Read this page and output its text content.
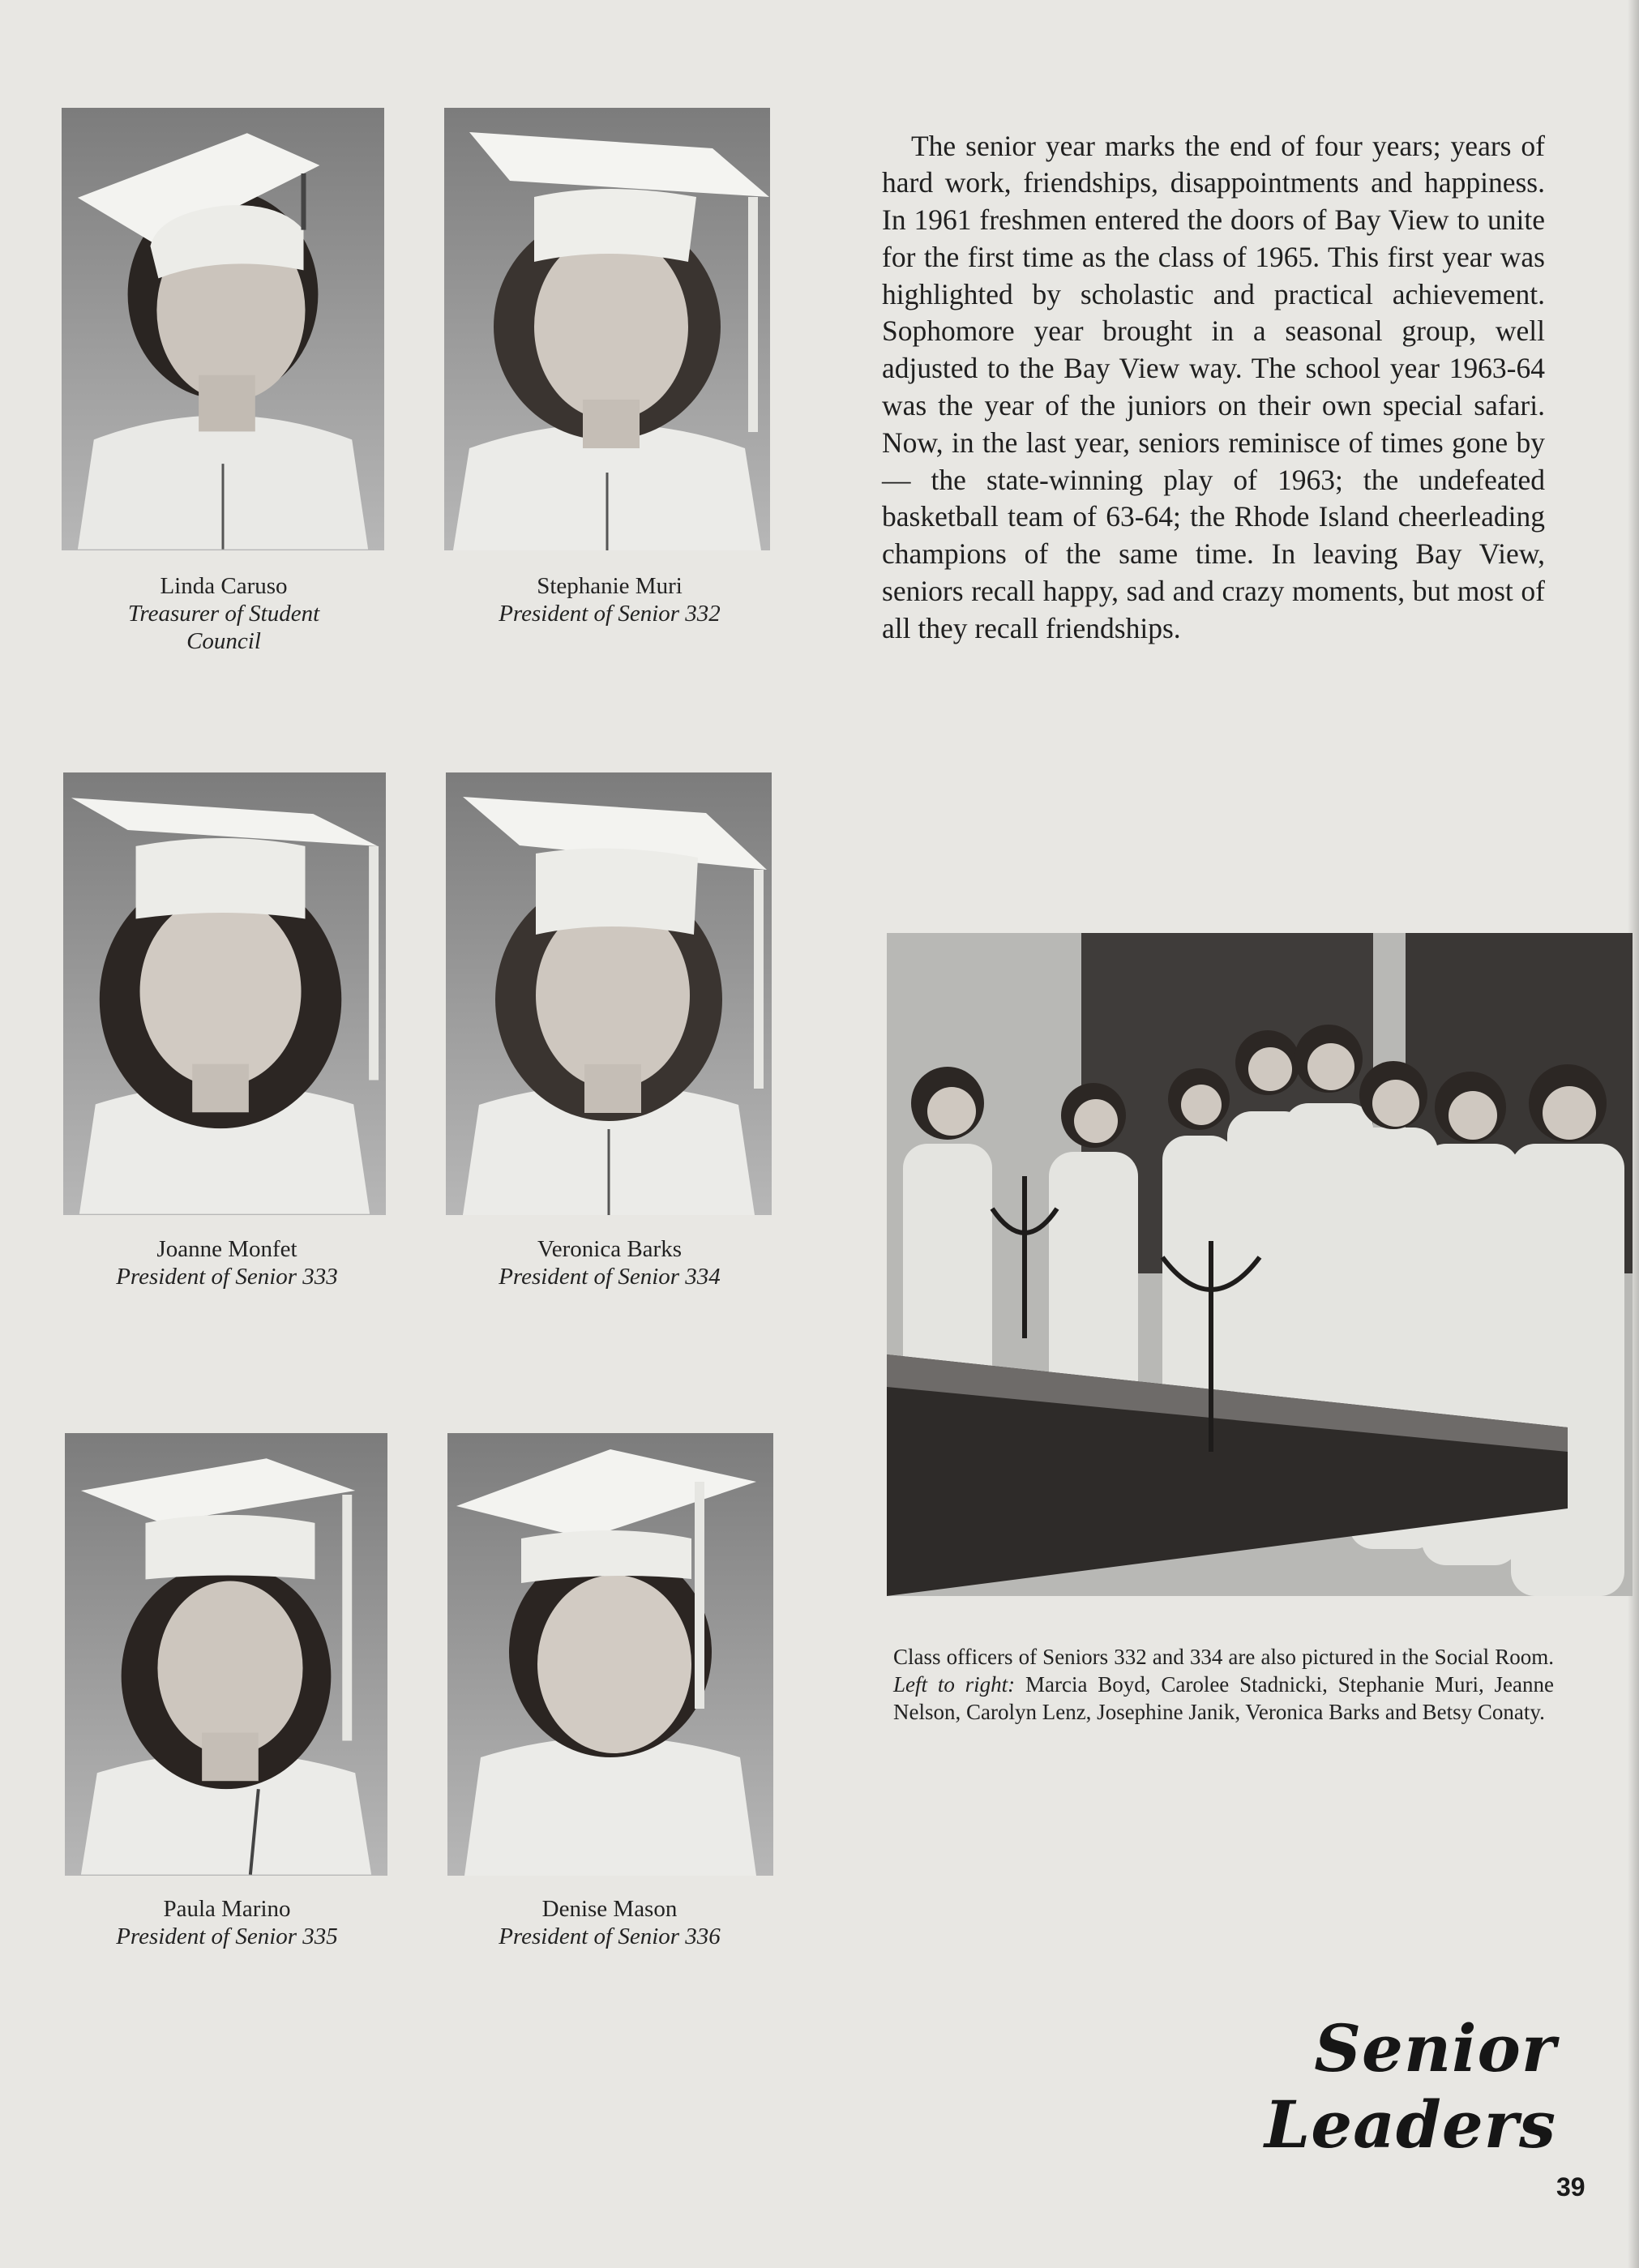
Linda Caruso
Treasurer of Student Council
Stephanie Muri
President of Senior 332
Joanne Monfet
President of Senior 333
Veronica Barks
President of Senior 334
Paula Marino
President of Senior 335
Denise Mason
President of Senior 336

The senior year marks the end of four years; years of hard work, friendships, disappointments and happiness. In 1961 freshmen entered the doors of Bay View to unite for the first time as the class of 1965. This first year was highlighted by scholastic and practical achievement. Sophomore year brought in a seasonal group, well adjusted to the Bay View way. The school year 1963-64 was the year of the juniors on their own special safari. Now, in the last year, seniors reminisce of times gone by — the state-winning play of 1963; the undefeated basketball team of 63-64; the Rhode Island cheerleading champions of the same time. In leaving Bay View, seniors recall happy, sad and crazy moments, but most of all they recall friendships.

Class officers of Seniors 332 and 334 are also pictured in the Social Room. Left to right: Marcia Boyd, Carolee Stadnicki, Stephanie Muri, Jeanne Nelson, Carolyn Lenz, Josephine Janik, Veronica Barks and Betsy Conaty.

Senior Leaders
39
